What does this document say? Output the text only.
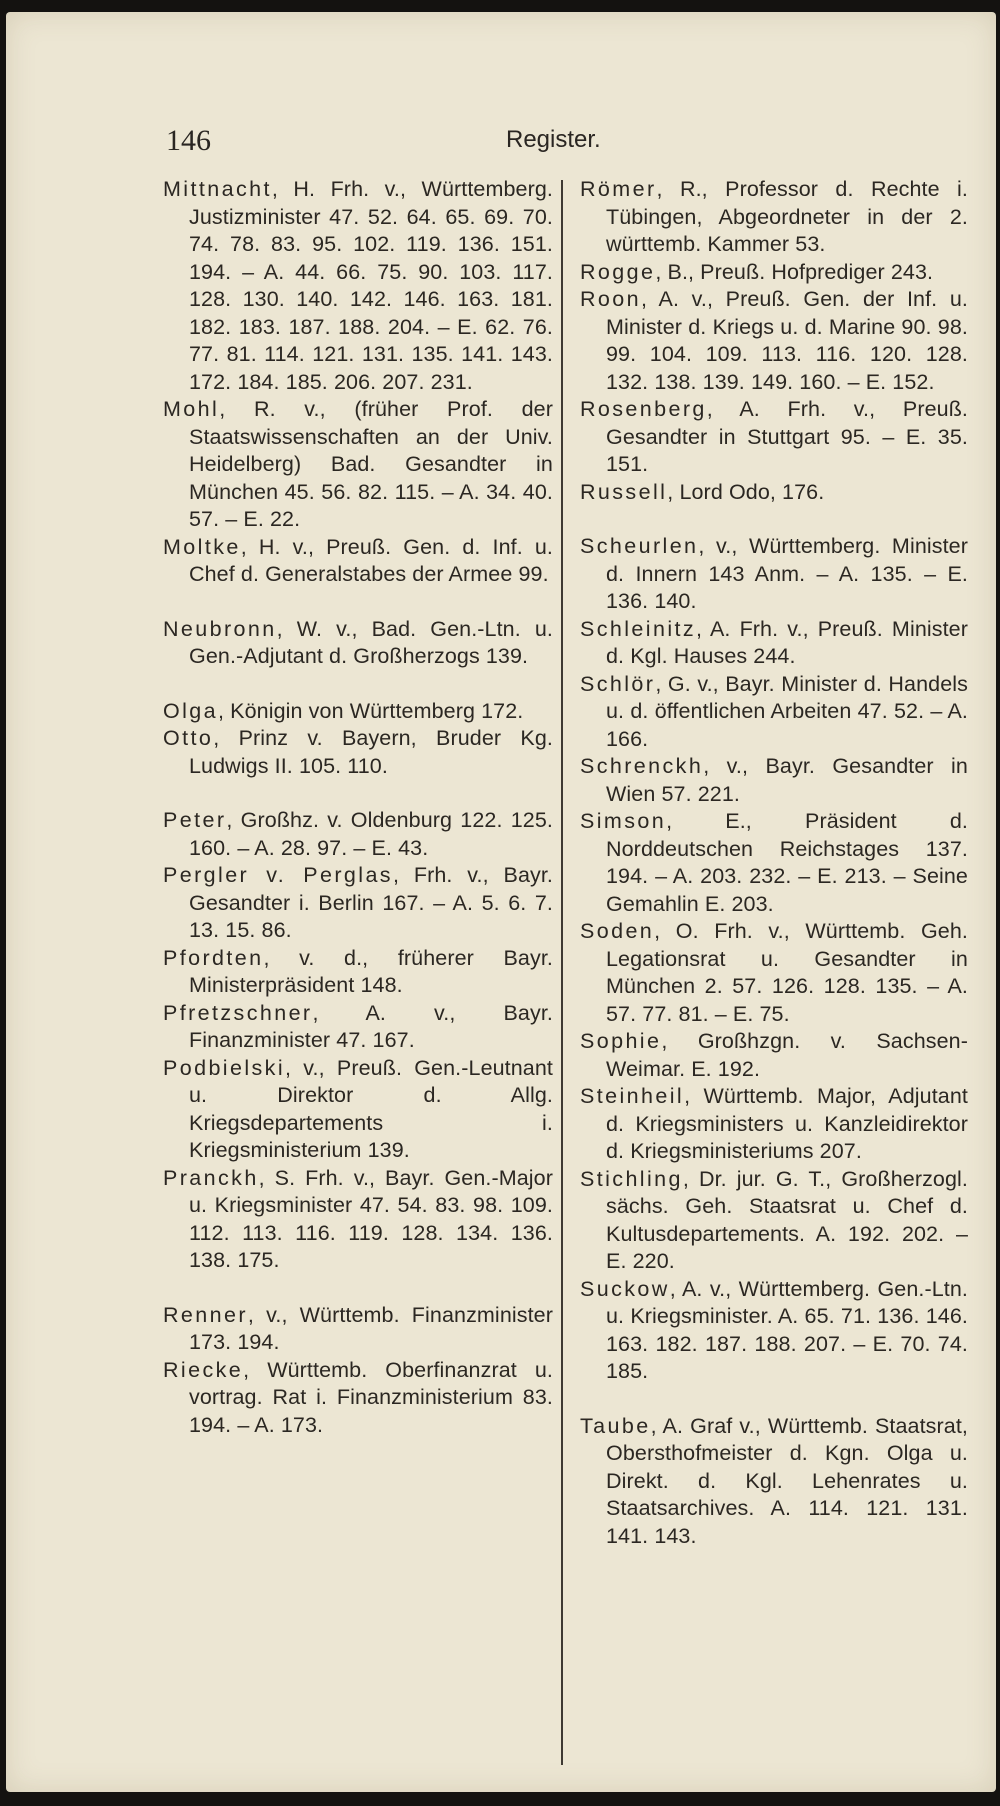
146	Register.
Mittnacht, H. Frh. v., Württemberg. Justizminister 47. 52. 64. 65. 69. 70. 74. 78. 83. 95. 102. 119. 136. 151. 194. – A. 44. 66. 75. 90. 103. 117. 128. 130. 140. 142. 146. 163. 181. 182. 183. 187. 188. 204. – E. 62. 76. 77. 81. 114. 121. 131. 135. 141. 143. 172. 184. 185. 206. 207. 231.
Mohl, R. v., (früher Prof. der Staatswissenschaften an der Univ. Heidelberg) Bad. Gesandter in München 45. 56. 82. 115. – A. 34. 40. 57. – E. 22.
Moltke, H. v., Preuß. Gen. d. Inf. u. Chef d. Generalstabes der Armee 99.
Neubronn, W. v., Bad. Gen.-Ltn. u. Gen.-Adjutant d. Großherzogs 139.
Olga, Königin von Württemberg 172.
Otto, Prinz v. Bayern, Bruder Kg. Ludwigs II. 105. 110.
Peter, Großhz. v. Oldenburg 122. 125. 160. – A. 28. 97. – E. 43.
Pergler v. Perglas, Frh. v., Bayr. Gesandter i. Berlin 167. – A. 5. 6. 7. 13. 15. 86.
Pfordten, v. d., früherer Bayr. Ministerpräsident 148.
Pfretzschner, A. v., Bayr. Finanzminister 47. 167.
Podbielski, v., Preuß. Gen.-Leutnant u. Direktor d. Allg. Kriegsdepartements i. Kriegsministerium 139.
Pranckh, S. Frh. v., Bayr. Gen.-Major u. Kriegsminister 47. 54. 83. 98. 109. 112. 113. 116. 119. 128. 134. 136. 138. 175.
Renner, v., Württemb. Finanzminister 173. 194.
Riecke, Württemb. Oberfinanzrat u. vortrag. Rat i. Finanzministerium 83. 194. – A. 173.
Römer, R., Professor d. Rechte i. Tübingen, Abgeordneter in der 2. württemb. Kammer 53.
Rogge, B., Preuß. Hofprediger 243.
Roon, A. v., Preuß. Gen. der Inf. u. Minister d. Kriegs u. d. Marine 90. 98. 99. 104. 109. 113. 116. 120. 128. 132. 138. 139. 149. 160. – E. 152.
Rosenberg, A. Frh. v., Preuß. Gesandter in Stuttgart 95. – E. 35. 151.
Russell, Lord Odo, 176.
Scheurlen, v., Württemberg. Minister d. Innern 143 Anm. – A. 135. – E. 136. 140.
Schleinitz, A. Frh. v., Preuß. Minister d. Kgl. Hauses 244.
Schlör, G. v., Bayr. Minister d. Handels u. d. öffentlichen Arbeiten 47. 52. – A. 166.
Schrenckh, v., Bayr. Gesandter in Wien 57. 221.
Simson, E., Präsident d. Norddeutschen Reichstages 137. 194. – A. 203. 232. – E. 213. – Seine Gemahlin E. 203.
Soden, O. Frh. v., Württemb. Geh. Legationsrat u. Gesandter in München 2. 57. 126. 128. 135. – A. 57. 77. 81. – E. 75.
Sophie, Großhzgn. v. Sachsen-Weimar. E. 192.
Steinheil, Württemb. Major, Adjutant d. Kriegsministers u. Kanzleidirektor d. Kriegsministeriums 207.
Stichling, Dr. jur. G. T., Großherzogl. sächs. Geh. Staatsrat u. Chef d. Kultusdepartements. A. 192. 202. – E. 220.
Suckow, A. v., Württemberg. Gen.-Ltn. u. Kriegsminister. A. 65. 71. 136. 146. 163. 182. 187. 188. 207. – E. 70. 74. 185.
Taube, A. Graf v., Württemb. Staatsrat, Obersthofmeister d. Kgn. Olga u. Direkt. d. Kgl. Lehenrates u. Staatsarchives. A. 114. 121. 131. 141. 143.
